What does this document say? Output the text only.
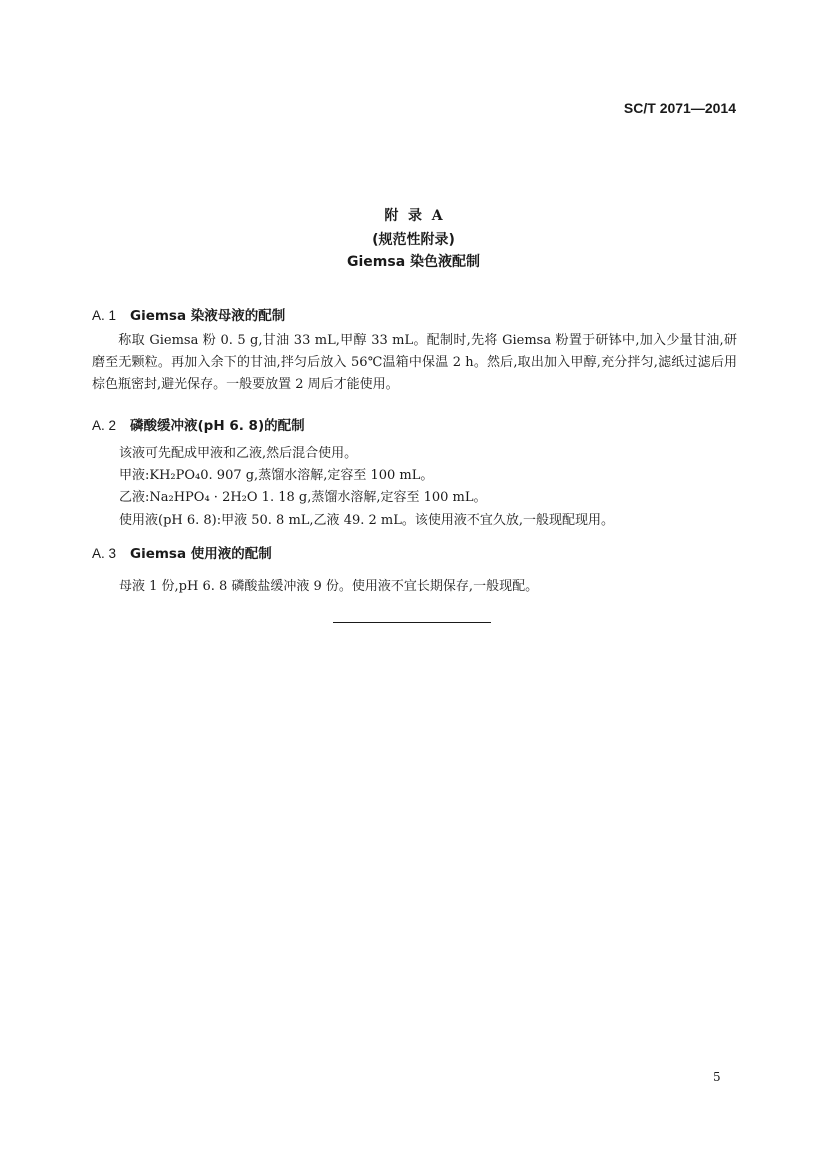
SC/T 2071—2014
附  录  A
(规范性附录)
Giemsa 染色液配制
A. 1 Giemsa 染液母液的配制
称取 Giemsa 粉 0. 5 g,甘油 33 mL,甲醇 33 mL。配制时,先将 Giemsa 粉置于研钵中,加入少量甘油,研磨至无颗粒。再加入余下的甘油,拌匀后放入 56℃温箱中保温 2 h。然后,取出加入甲醇,充分拌匀,滤纸过滤后用棕色瓶密封,避光保存。一般要放置 2 周后才能使用。
A. 2 磷酸缓冲液(pH 6. 8)的配制
该液可先配成甲液和乙液,然后混合使用。
甲液:KH₂PO₄0. 907 g,蒸馏水溶解,定容至 100 mL。
乙液:Na₂HPO₄ · 2H₂O 1. 18 g,蒸馏水溶解,定容至 100 mL。
使用液(pH 6. 8):甲液 50. 8 mL,乙液 49. 2 mL。该使用液不宜久放,一般现配现用。
A. 3 Giemsa 使用液的配制
母液 1 份,pH 6. 8 磷酸盐缓冲液 9 份。使用液不宜长期保存,一般现配。
5
